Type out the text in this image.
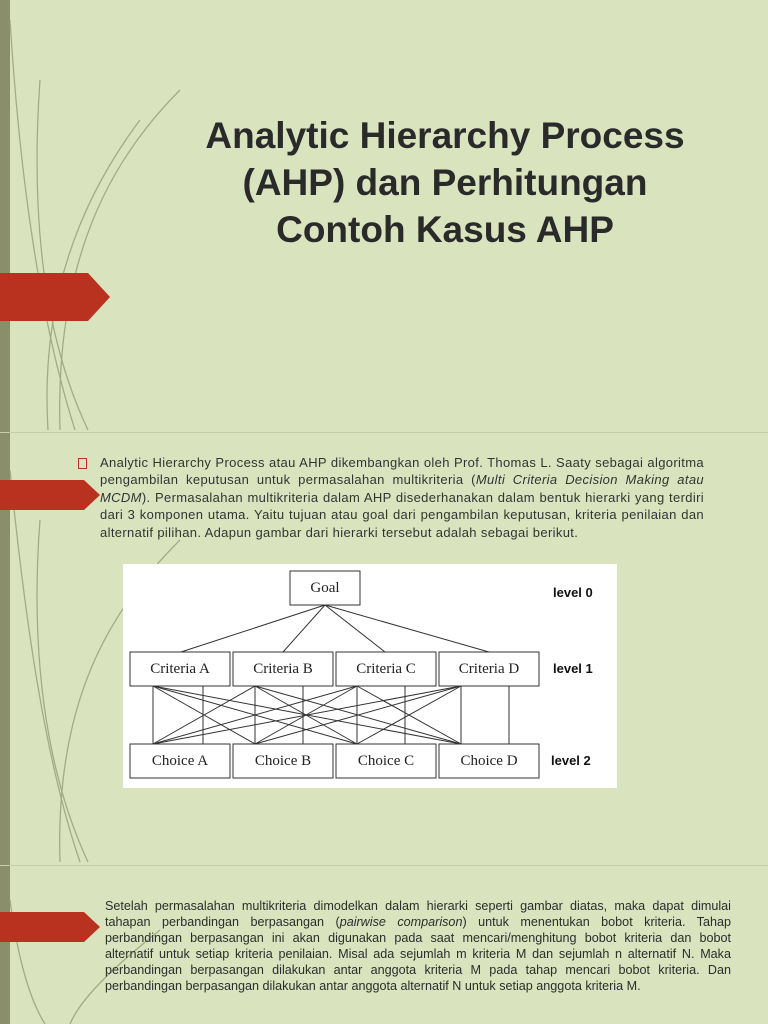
Analytic Hierarchy Process
(AHP) dan Perhitungan
Contoh Kasus AHP

Analytic Hierarchy Process atau AHP dikembangkan oleh Prof. Thomas L. Saaty sebagai algoritma pengambilan keputusan untuk permasalahan multikriteria (Multi Criteria Decision Making atau MCDM). Permasalahan multikriteria dalam AHP disederhanakan dalam bentuk hierarki yang terdiri dari 3 komponen utama. Yaitu tujuan atau goal dari pengambilan keputusan, kriteria penilaian dan alternatif pilihan. Adapun gambar dari hierarki tersebut adalah sebagai berikut.

Goal
Criteria A	Criteria B	Criteria C	Criteria D
Choice A	Choice B	Choice C	Choice D
level 0
level 1
level 2

Setelah permasalahan multikriteria dimodelkan dalam hierarki seperti gambar diatas, maka dapat dimulai tahapan perbandingan berpasangan (pairwise comparison) untuk menentukan bobot kriteria. Tahap perbandingan berpasangan ini akan digunakan pada saat mencari/menghitung bobot kriteria dan bobot alternatif untuk setiap kriteria penilaian. Misal ada sejumlah m kriteria M dan sejumlah n alternatif N. Maka perbandingan berpasangan dilakukan antar anggota kriteria M pada tahap mencari bobot kriteria. Dan perbandingan berpasangan dilakukan antar anggota alternatif N untuk setiap anggota kriteria M.
